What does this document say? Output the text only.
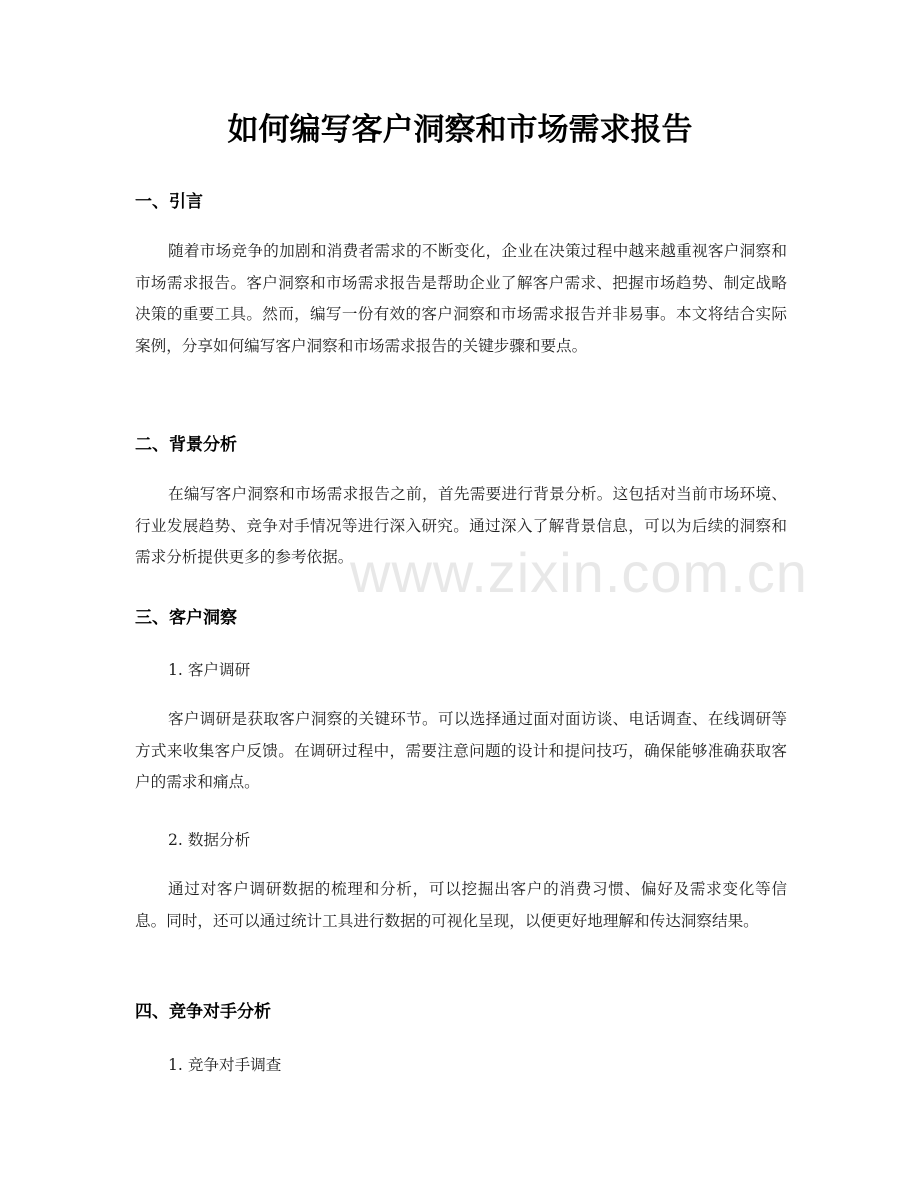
如何编写客户洞察和市场需求报告
一、引言

随着市场竞争的加剧和消费者需求的不断变化，企业在决策过程中越来越重视客户洞察和市场需求报告。客户洞察和市场需求报告是帮助企业了解客户需求、把握市场趋势、制定战略决策的重要工具。然而，编写一份有效的客户洞察和市场需求报告并非易事。本文将结合实际案例，分享如何编写客户洞察和市场需求报告的关键步骤和要点。

二、背景分析

在编写客户洞察和市场需求报告之前，首先需要进行背景分析。这包括对当前市场环境、行业发展趋势、竞争对手情况等进行深入研究。通过深入了解背景信息，可以为后续的洞察和需求分析提供更多的参考依据。

三、客户洞察

1. 客户调研

客户调研是获取客户洞察的关键环节。可以选择通过面对面访谈、电话调查、在线调研等方式来收集客户反馈。在调研过程中，需要注意问题的设计和提问技巧，确保能够准确获取客户的需求和痛点。

2. 数据分析

通过对客户调研数据的梳理和分析，可以挖掘出客户的消费习惯、偏好及需求变化等信息。同时，还可以通过统计工具进行数据的可视化呈现，以便更好地理解和传达洞察结果。

四、竞争对手分析

1. 竞争对手调查

www.zixin.com.cn
